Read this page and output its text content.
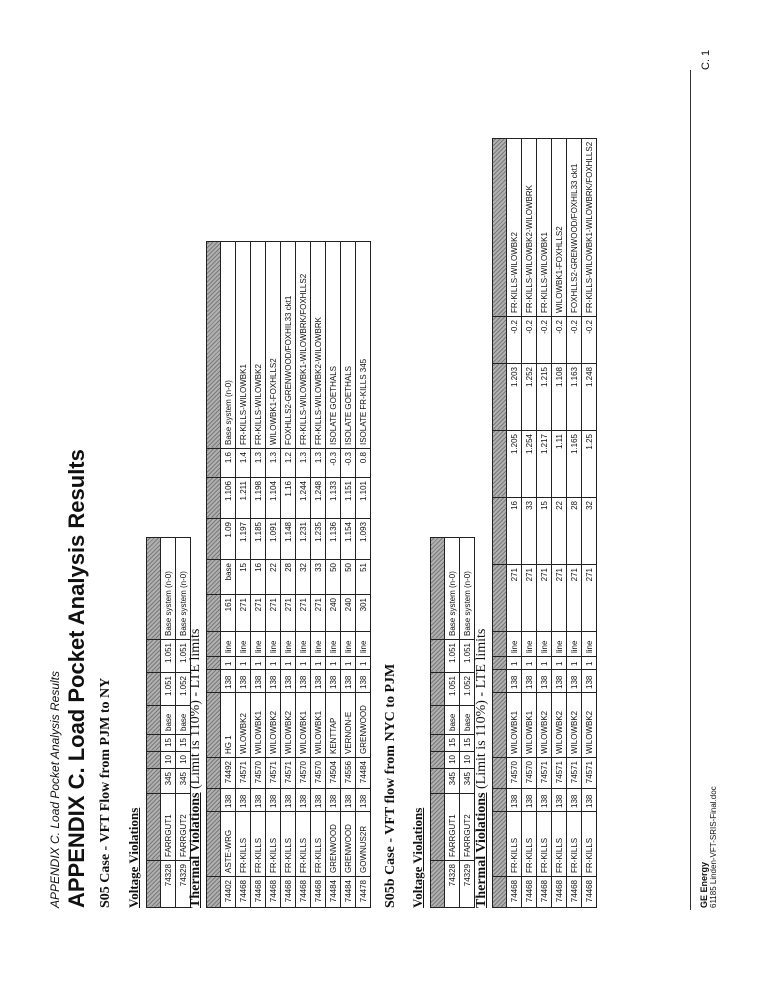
APPENDIX C. Load Pocket Analysis Results APPENDIX C. Load Pocket Analysis Results S05 Case - VFT Flow from PJM to NY Voltage Violations
									74328	FARRGUT1	345	10	15	base	1.051	1.051	Base system (n-0)
74329	FARRGUT2	345	10	15	base	1.052	1.051	Base system (n-0)
Thermal Violations (Limit is 110%) - LTE limits

74402	ASTE-WRG	138	74492	HG 1	138	1	line	161	base	1.09	1.106	1.6	Base system (n-0)
74468	FR-KILLS	138	74571	WLOWBK2	138	1	line	271	15	1.197	1.211	1.4	FR-KILLS-WILOWBK1
74468	FR-KILLS	138	74570	WILOWBK1	138	1	line	271	16	1.185	1.198	1.3	FR-KILLS-WILOWBK2
74468	FR-KILLS	138	74571	WILOWBK2	138	1	line	271	22	1.091	1.104	1.3	WILOWBK1-FOXHLLS2
74468	FR-KILLS	138	74571	WILOWBK2	138	1	line	271	28	1.148	1.16	1.2	FOXHLLS2-GRENWOOD/FOXHIL33 ckt1
74468	FR-KILLS	138	74570	WILOWBK1	138	1	line	271	32	1.231	1.244	1.3	FR-KILLS-WILOWBK1-WILOWBRK/FOXHLLS2
74468	FR-KILLS	138	74570	WILOWBK1	138	1	line	271	33	1.235	1.248	1.3	FR-KILLS-WILOWBK2-WILOWBRK
74484	GRENWOOD	138	74504	KENTTAP	138	1	line	240	50	1.136	1.133	-0.3	ISOLATE GOETHALS
74484	GRENWOOD	138	74556	VERNON-E	138	1	line	240	50	1.154	1.151	-0.3	ISOLATE GOETHALS
74478	GOWNUS2R	138	74484	GRENWOOD	138	1	line	301	51	1.093	1.101	0.8	ISOLATE FR-KILLS 345
S05b Case - VFT flow from NYC to PJM Voltage Violations
									74328	FARRGUT1	345	10	15	base	1.051	1.051	Base system (n-0)
74329	FARRGUT2	345	10	15	base	1.052	1.051	Base system (n-0)
Thermal Violations (Limit is 110%) - LTE limits

74468	FR-KILLS	138	74570	WILOWBK1	138	1	line	271	16	1.205	1.203	-0.2	FR-KILLS-WILOWBK2
74468	FR-KILLS	138	74570	WILOWBK1	138	1	line	271	33	1.254	1.252	-0.2	FR-KILLS-WILOWBK2-WILOWBRK
74468	FR-KILLS	138	74571	WILOWBK2	138	1	line	271	15	1.217	1.215	-0.2	FR-KILLS-WILOWBK1
74468	FR-KILLS	138	74571	WILOWBK2	138	1	line	271	22	1.11	1.108	-0.2	WILOWBK1-FOXHLLS2
74468	FR-KILLS	138	74571	WILOWBK2	138	1	line	271	28	1.165	1.163	-0.2	FOXHLLS2-GRENWOOD/FOXHIL33 ckt1
74468	FR-KILLS	138	74571	WILOWBK2	138	1	line	271	32	1.25	1.248	-0.2	FR-KILLS-WILOWBK1-WILOWBRK/FOXHLLS2
GE Energy 61185 Linden-VFT-SRIS-Final.doc
C. 1
